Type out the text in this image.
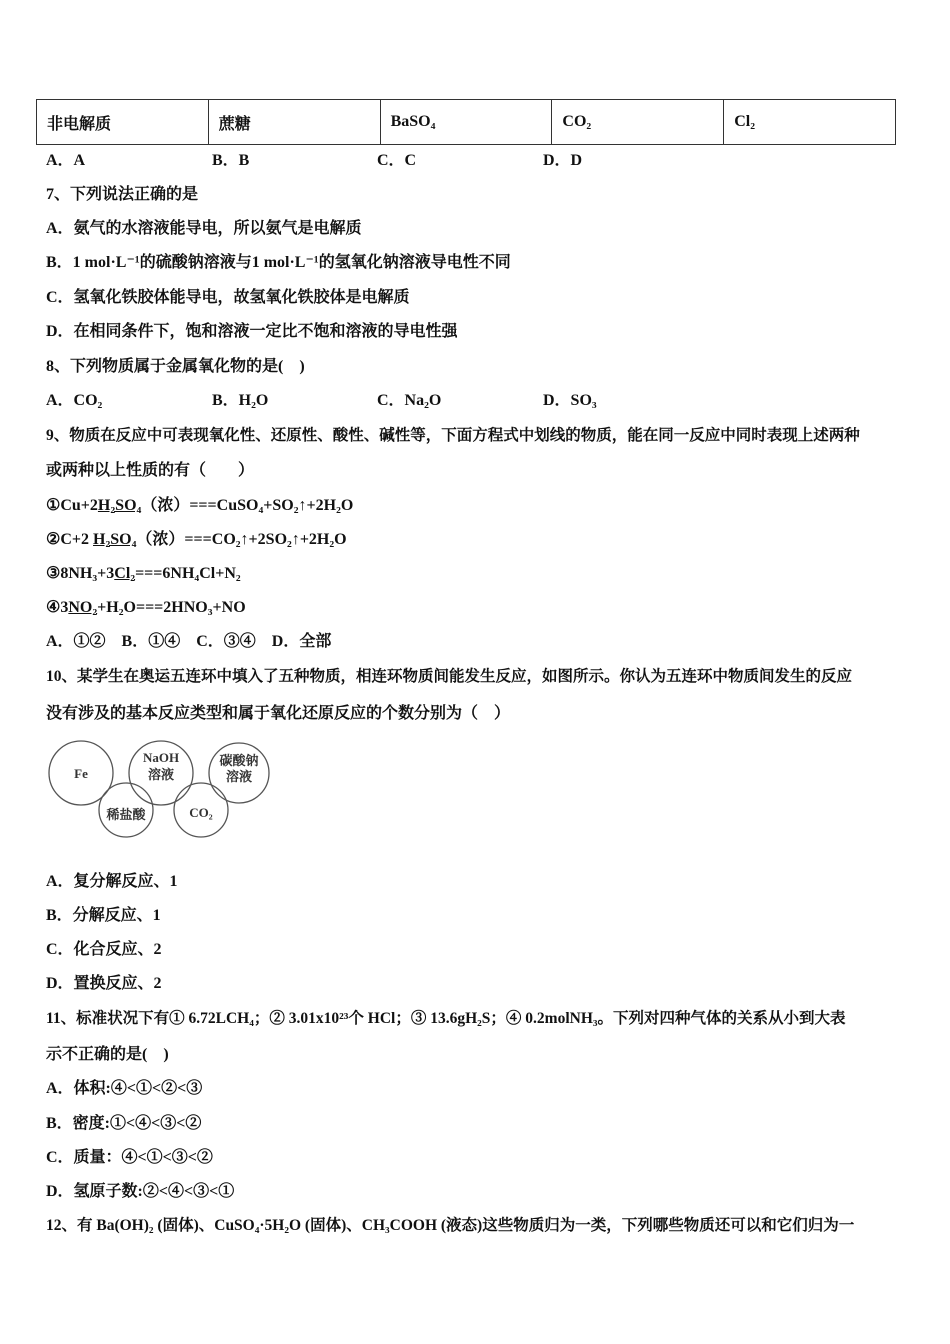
非电解质	蔗糖	BaSO₄	CO₂	Cl₂
A．A	B．B	C．C	D．D
7、下列说法正确的是
A．氨气的水溶液能导电，所以氨气是电解质
B．1 mol·L⁻¹的硫酸钠溶液与1 mol·L⁻¹的氢氧化钠溶液导电性不同
C．氢氧化铁胶体能导电，故氢氧化铁胶体是电解质
D．在相同条件下，饱和溶液一定比不饱和溶液的导电性强
8、下列物质属于金属氧化物的是(　)
A．CO₂	B．H₂O	C．Na₂O	D．SO₃
9、物质在反应中可表现氧化性、还原性、酸性、碱性等，下面方程式中划线的物质，能在同一反应中同时表现上述两种
或两种以上性质的有（　　）
①Cu+2H₂SO₄（浓）===CuSO₄+SO₂↑+2H₂O
②C+2 H₂SO₄（浓）===CO₂↑+2SO₂↑+2H₂O
③8NH₃+3Cl₂===6NH₄Cl+N₂
④3NO₂+H₂O===2HNO₃+NO
A．①②　B．①④　C．③④　D．全部
10、某学生在奥运五连环中填入了五种物质，相连环物质间能发生反应，如图所示。你认为五连环中物质间发生的反应
没有涉及的基本反应类型和属于氧化还原反应的个数分别为（　）
Fe
稀盐酸
NaOH
溶液
CO₂
碳酸钠
溶液
A．复分解反应、1
B．分解反应、1
C．化合反应、2
D．置换反应、2
11、标准状况下有① 6.72LCH₄；② 3.01x10²³个 HCl；③ 13.6gH₂S；④ 0.2molNH₃。下列对四种气体的关系从小到大表
示不正确的是(　)
A．体积:④<①<②<③
B．密度:①<④<③<②
C．质量：④<①<③<②
D．氢原子数:②<④<③<①
12、有 Ba(OH)₂ (固体)、CuSO₄·5H₂O (固体)、CH₃COOH (液态)这些物质归为一类，下列哪些物质还可以和它们归为一
